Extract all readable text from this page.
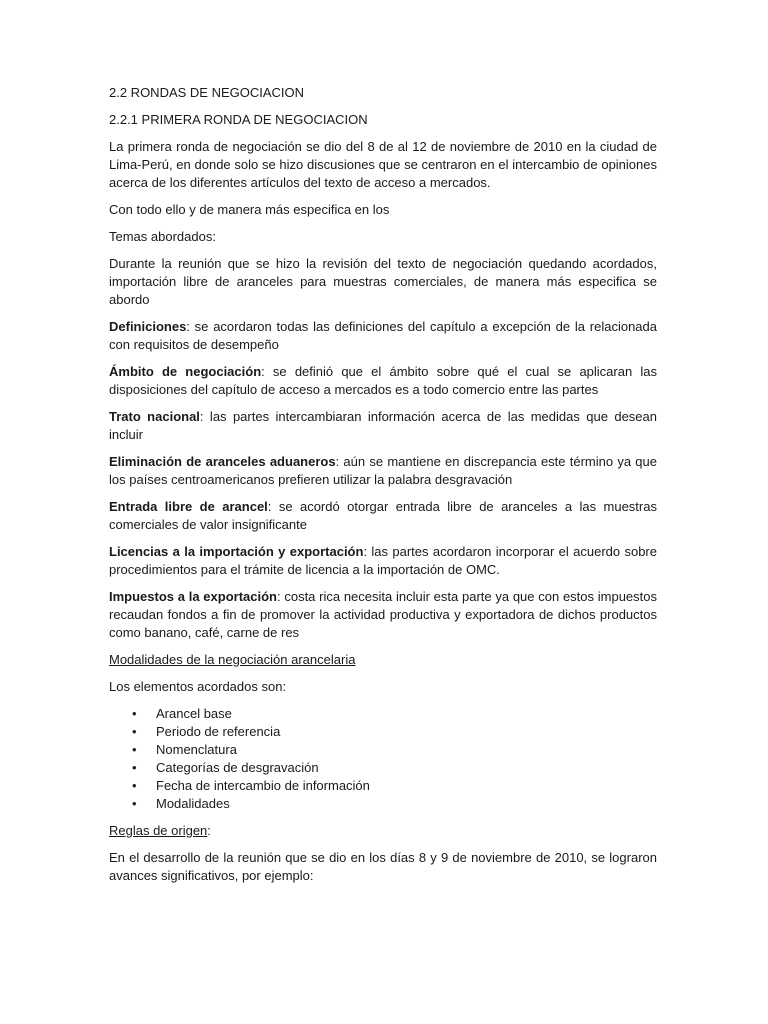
2.2 RONDAS DE NEGOCIACION
2.2.1 PRIMERA RONDA DE NEGOCIACION

La primera ronda de negociación se dio del 8 de al 12 de noviembre de 2010 en la ciudad de Lima-Perú, en donde solo se hizo discusiones que se centraron en el intercambio de opiniones acerca de los diferentes artículos del texto de acceso a mercados.

Con todo ello y de manera más especifica en los

Temas abordados:

Durante la reunión que se hizo la revisión del texto de negociación quedando acordados, importación libre de aranceles para muestras comerciales, de manera más especifica se abordo

Definiciones: se acordaron todas las definiciones del capítulo a excepción de la relacionada con requisitos de desempeño

Ámbito de negociación: se definió que el ámbito sobre qué el cual se aplicaran las disposiciones del capítulo de acceso a mercados es a todo comercio entre las partes

Trato nacional: las partes intercambiaran información acerca de las medidas que desean incluir

Eliminación de aranceles aduaneros: aún se mantiene en discrepancia este término ya que los países centroamericanos prefieren utilizar la palabra desgravación

Entrada libre de arancel: se acordó otorgar entrada libre de aranceles a las muestras comerciales de valor insignificante

Licencias a la importación y exportación: las partes acordaron incorporar el acuerdo sobre procedimientos para el trámite de licencia a la importación de OMC.

Impuestos a la exportación: costa rica necesita incluir esta parte ya que con estos impuestos recaudan fondos a fin de promover la actividad productiva y exportadora de dichos productos como banano, café, carne de res

Modalidades de la negociación arancelaria

Los elementos acordados son:

• Arancel base
• Periodo de referencia
• Nomenclatura
• Categorías de desgravación
• Fecha de intercambio de información
• Modalidades

Reglas de origen:

En el desarrollo de la reunión que se dio en los días 8 y 9 de noviembre de 2010, se lograron avances significativos, por ejemplo:
